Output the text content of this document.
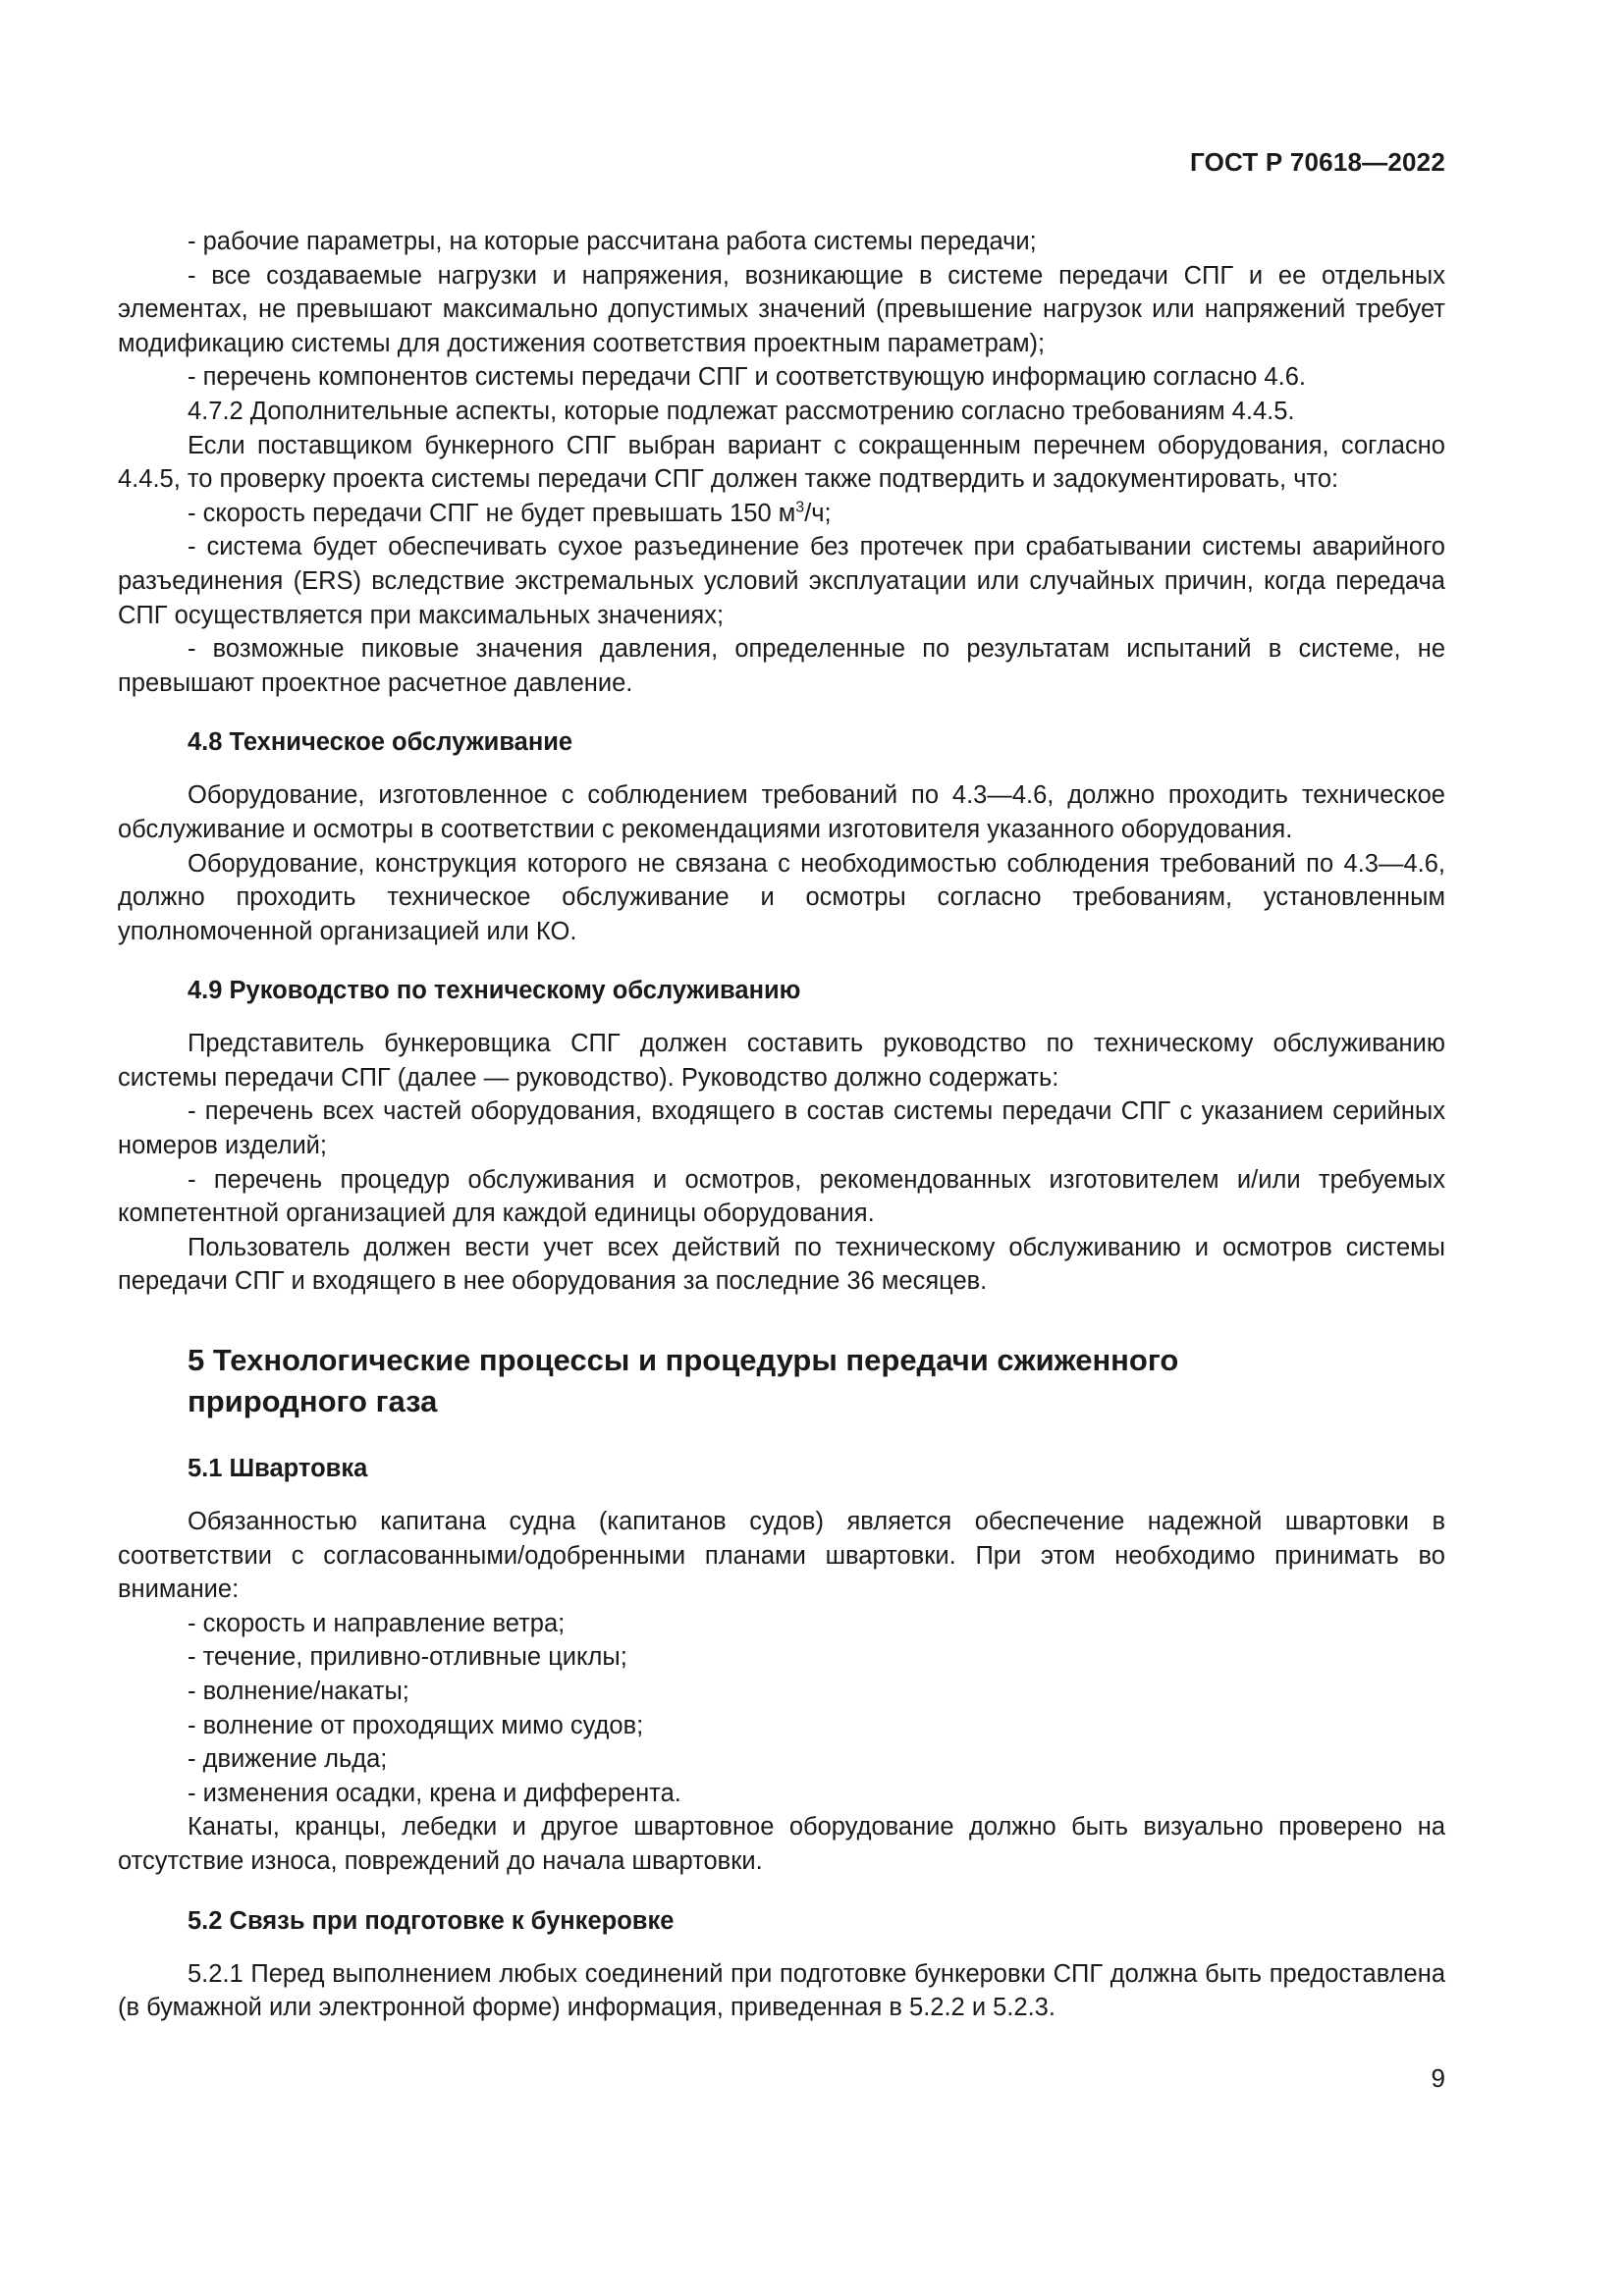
ГОСТ Р 70618—2022

- рабочие параметры, на которые рассчитана работа системы передачи;

- все создаваемые нагрузки и напряжения, возникающие в системе передачи СПГ и ее отдельных элементах, не превышают максимально допустимых значений (превышение нагрузок или напряжений требует модификацию системы для достижения соответствия проектным параметрам);

- перечень компонентов системы передачи СПГ и соответствующую информацию согласно 4.6.

4.7.2 Дополнительные аспекты, которые подлежат рассмотрению согласно требованиям 4.4.5.

Если поставщиком бункерного СПГ выбран вариант с сокращенным перечнем оборудования, согласно 4.4.5, то проверку проекта системы передачи СПГ должен также подтвердить и задокументировать, что:

- скорость передачи СПГ не будет превышать 150 $м^3/ч$;

- система будет обеспечивать сухое разъединение без протечек при срабатывании системы аварийного разъединения (ERS) вследствие экстремальных условий эксплуатации или случайных причин, когда передача СПГ осуществляется при максимальных значениях;

- возможные пиковые значения давления, определенные по результатам испытаний в системе, не превышают проектное расчетное давление.

4.8 Техническое обслуживание

Оборудование, изготовленное с соблюдением требований по 4.3—4.6, должно проходить техническое обслуживание и осмотры в соответствии с рекомендациями изготовителя указанного оборудования.

Оборудование, конструкция которого не связана с необходимостью соблюдения требований по 4.3—4.6, должно проходить техническое обслуживание и осмотры согласно требованиям, установленным уполномоченной организацией или КО.

4.9 Руководство по техническому обслуживанию

Представитель бункеровщика СПГ должен составить руководство по техническому обслуживанию системы передачи СПГ (далее — руководство). Руководство должно содержать:

- перечень всех частей оборудования, входящего в состав системы передачи СПГ с указанием серийных номеров изделий;

- перечень процедур обслуживания и осмотров, рекомендованных изготовителем и/или требуемых компетентной организацией для каждой единицы оборудования.

Пользователь должен вести учет всех действий по техническому обслуживанию и осмотров системы передачи СПГ и входящего в нее оборудования за последние 36 месяцев.

5 Технологические процессы и процедуры передачи сжиженного природного газа
5.1 Швартовка

Обязанностью капитана судна (капитанов судов) является обеспечение надежной швартовки в соответствии с согласованными/одобренными планами швартовки. При этом необходимо принимать во внимание:

- скорость и направление ветра;

- течение, приливно-отливные циклы;

- волнение/накаты;

- волнение от проходящих мимо судов;

- движение льда;

- изменения осадки, крена и дифферента.

Канаты, кранцы, лебедки и другое швартовное оборудование должно быть визуально проверено на отсутствие износа, повреждений до начала швартовки.

5.2 Связь при подготовке к бункеровке

5.2.1 Перед выполнением любых соединений при подготовке бункеровки СПГ должна быть предоставлена (в бумажной или электронной форме) информация, приведенная в 5.2.2 и 5.2.3.

9
